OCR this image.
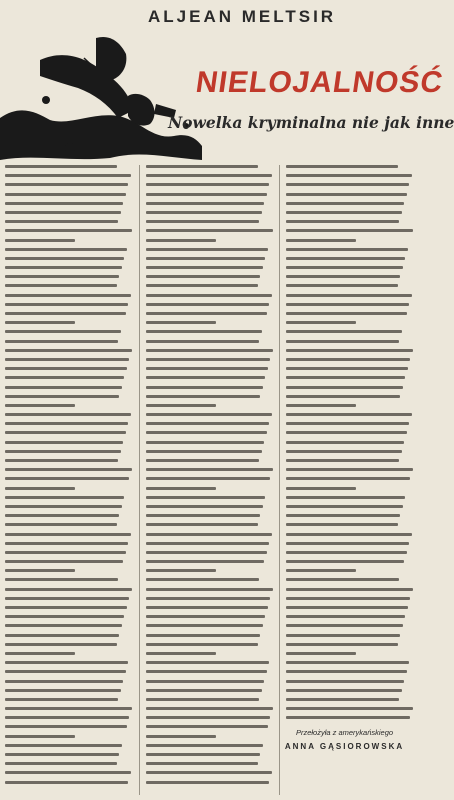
ALJEAN MELTSIR
NIELOJALNOŚĆ
Nowelka kryminalna nie jak inne
Przełożyła z amerykańskiego
ANNA GĄSIOROWSKA
